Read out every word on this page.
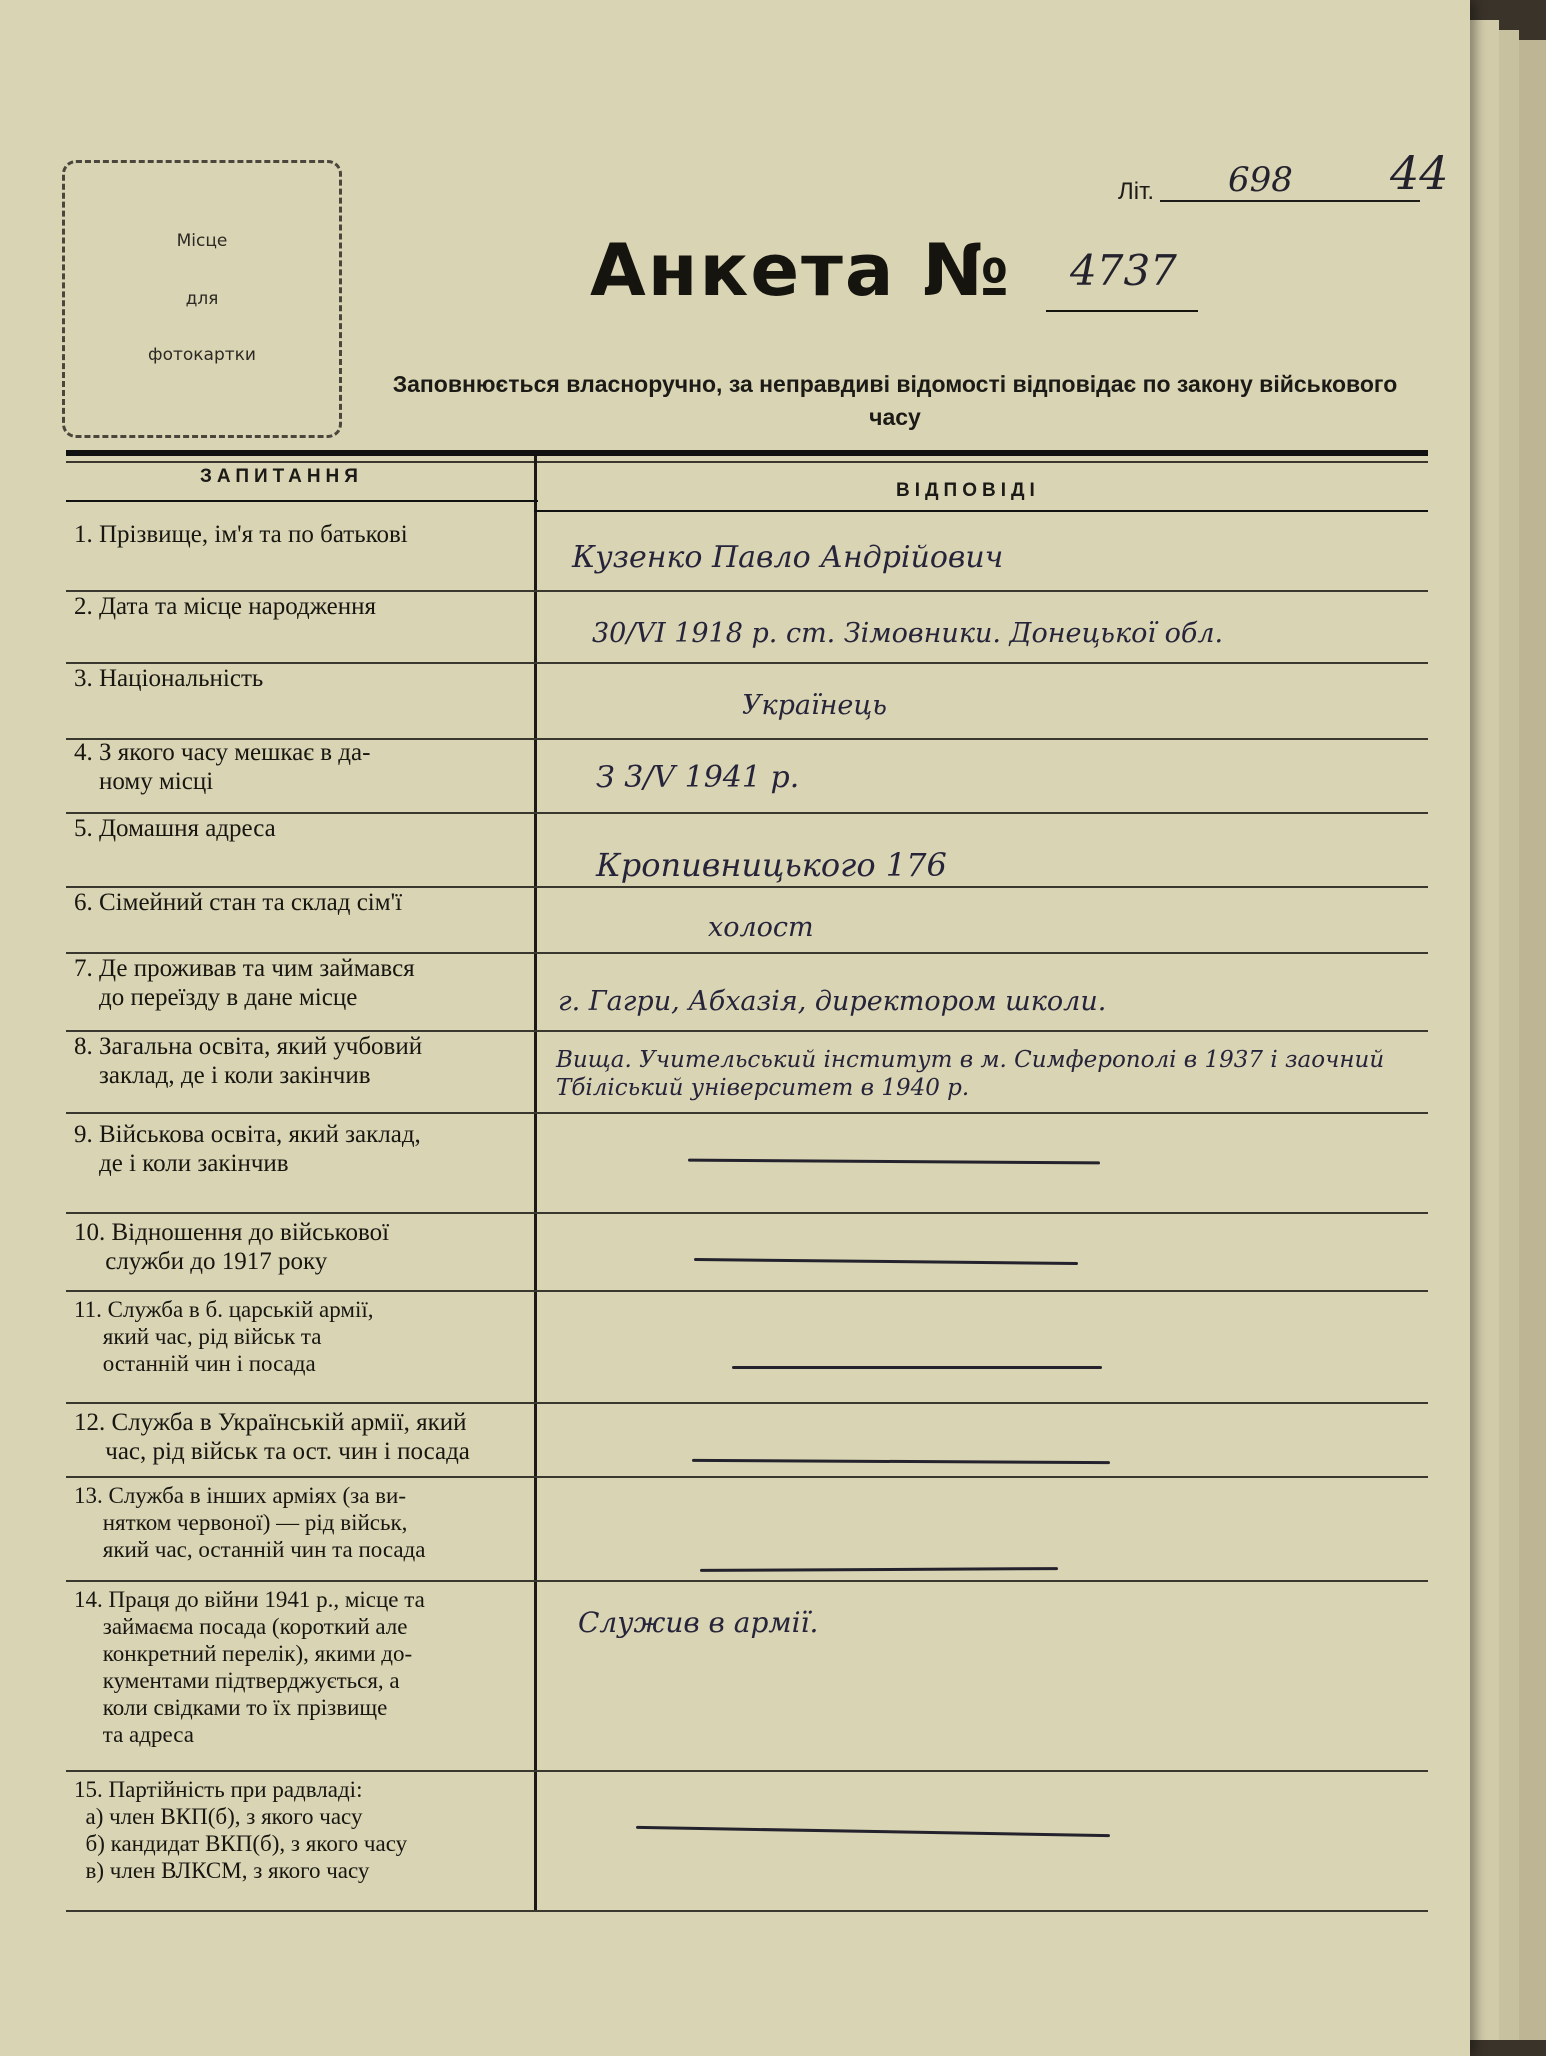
Місце
для
фотокартки
Літ. 698 44
Анкета № 4737
Заповнюється власноручно, за неправдиві відомості відповідає по закону військового часу
ЗАПИТАННЯ
ВІДПОВІДІ
1. Прізвище, ім'я та по батькові
2. Дата та місце народження
3. Національність
4. З якого часу мешкає в да-
ному місці
5. Домашня адреса
6. Сімейний стан та склад сім'ї
7. Де проживав та чим займався
до переїзду в дане місце
8. Загальна освіта, який учбовий
заклад, де і коли закінчив
9. Військова освіта, який заклад,
де і коли закінчив
10. Відношення до військової
служби до 1917 року
11. Служба в б. царській армії,
який час, рід військ та
останній чин і посада
12. Служба в Українській армії, який
час, рід військ та ост. чин і посада
13. Служба в інших арміях (за ви-
нятком червоної) — рід військ,
який час, останній чин та посада
14. Праця до війни 1941 р., місце та
займаєма посада (короткий але
конкретний перелік), якими до-
кументами підтверджується, а
коли свідками то їх прізвище
та адреса
15. Партійність при радвладі:
а) член ВКП(б), з якого часу
б) кандидат ВКП(б), з якого часу
в) член ВЛКСМ, з якого часу
Кузенко Павло Андрійович
30/VI 1918 р. ст. Зімовники. Донецької обл.
Українець
З 3/V 1941 р.
Кропивницького 176
холост
г. Гагри, Абхазія, директором школи.
Вища. Учительський інститут в м. Симферополі в 1937 і заочний Тбіліський університет в 1940 р.
Служив в армії.
